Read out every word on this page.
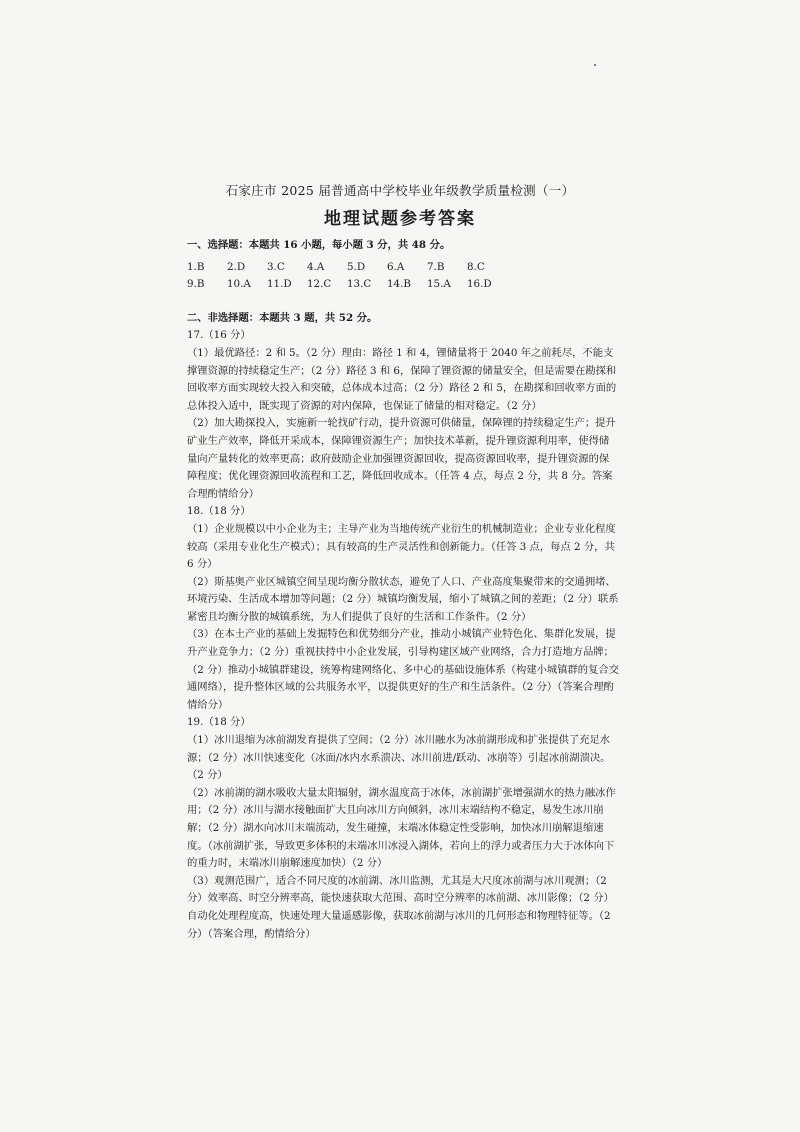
石家庄市 2025 届普通高中学校毕业年级教学质量检测（一）
地理试题参考答案

一、选择题：本题共 16 小题，每小题 3 分，共 48 分。

1.B	2.D	3.C	4.A	5.D	6.A	7.B	8.C
9.B	10.A	11.D	12.C	13.C	14.B	15.A	16.D

二、非选择题：本题共 3 题，共 52 分。

17.（16 分）

（1）最优路径：2 和 5。（2 分）理由：路径 1 和 4，锂储量将于 2040 年之前耗尽，不能支撑锂资源的持续稳定生产；（2 分）路径 3 和 6，保障了锂资源的储量安全，但是需要在勘探和回收率方面实现较大投入和突破，总体成本过高；（2 分）路径 2 和 5，在勘探和回收率方面的总体投入适中，既实现了资源的对内保障，也保证了储量的相对稳定。（2 分）

（2）加大勘探投入，实施新一轮找矿行动，提升资源可供储量，保障锂的持续稳定生产；提升矿业生产效率，降低开采成本，保障锂资源生产；加快技术革新，提升锂资源利用率，使得储量向产量转化的效率更高；政府鼓励企业加强锂资源回收，提高资源回收率，提升锂资源的保障程度；优化锂资源回收流程和工艺，降低回收成本。（任答 4 点，每点 2 分，共 8 分。答案合理酌情给分）

18.（18 分）

（1）企业规模以中小企业为主；主导产业为当地传统产业衍生的机械制造业；企业专业化程度较高（采用专业化生产模式）；具有较高的生产灵活性和创新能力。（任答 3 点，每点 2 分，共 6 分）

（2）斯基奥产业区城镇空间呈现均衡分散状态，避免了人口、产业高度集聚带来的交通拥堵、环境污染、生活成本增加等问题；（2 分）城镇均衡发展，缩小了城镇之间的差距；（2 分）联系紧密且均衡分散的城镇系统，为人们提供了良好的生活和工作条件。（2 分）

（3）在本土产业的基础上发掘特色和优势细分产业，推动小城镇产业特色化、集群化发展，提升产业竞争力；（2 分）重视扶持中小企业发展，引导构建区域产业网络，合力打造地方品牌；（2 分）推动小城镇群建设，统筹构建网络化、多中心的基础设施体系（构建小城镇群的复合交通网络），提升整体区域的公共服务水平，以提供更好的生产和生活条件。（2 分）（答案合理酌情给分）

19.（18 分）

（1）冰川退缩为冰前湖发育提供了空间；（2 分）冰川融水为冰前湖形成和扩张提供了充足水源；（2 分）冰川快速变化（冰面/冰内水系溃决、冰川前进/跃动、冰崩等）引起冰前湖溃决。（2 分）

（2）冰前湖的湖水吸收大量太阳辐射，湖水温度高于冰体，冰前湖扩张增强湖水的热力融冰作用；（2 分）冰川与湖水接触面扩大且向冰川方向倾斜，冰川末端结构不稳定，易发生冰川崩解；（2 分）湖水向冰川末端流动，发生碰撞，末端冰体稳定性受影响，加快冰川崩解退缩速度。（冰前湖扩张，导致更多体积的末端冰川冰浸入湖体，若向上的浮力或者压力大于冰体向下的重力时，末端冰川崩解速度加快）（2 分）

（3）观测范围广，适合不同尺度的冰前湖、冰川监测，尤其是大尺度冰前湖与冰川观测；（2 分）效率高、时空分辨率高，能快速获取大范围、高时空分辨率的冰前湖、冰川影像；（2 分）自动化处理程度高，快速处理大量遥感影像，获取冰前湖与冰川的几何形态和物理特征等。（2 分）（答案合理，酌情给分）
